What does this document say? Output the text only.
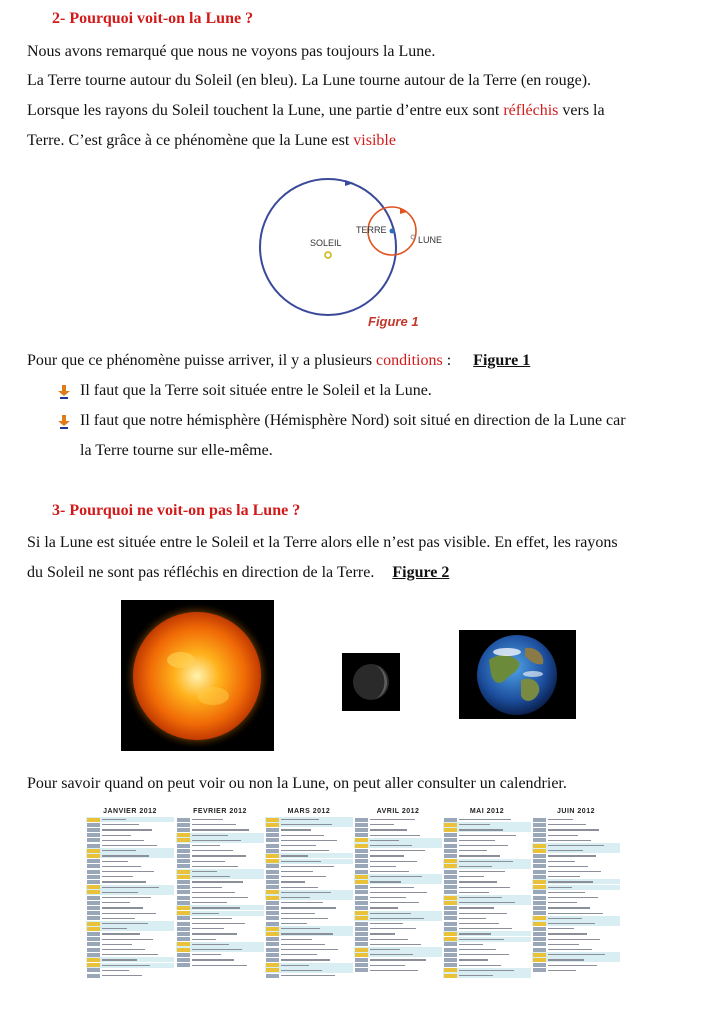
2- Pourquoi voit-on la Lune ?
Nous avons remarqué que nous ne voyons pas toujours la Lune.
La Terre tourne autour du Soleil (en bleu). La Lune tourne autour de la Terre (en rouge).
Lorsque les rayons du Soleil touchent la Lune, une partie d’entre eux sont réfléchis vers la
Terre. C’est grâce à ce phénomène que la Lune est visible
SOLEIL
TERRE
LUNE
Figure 1
Pour que ce phénomène puisse arriver, il y a plusieurs conditions : Figure 1
Il faut que la Terre soit située entre le Soleil et la Lune.
Il faut que notre hémisphère (Hémisphère Nord) soit situé en direction de la Lune car
la Terre tourne sur elle-même.
3- Pourquoi ne voit-on pas la Lune ?
Si la Lune est située entre le Soleil et la Terre alors elle n’est pas visible. En effet, les rayons
du Soleil ne sont pas réfléchis en direction de la Terre. Figure 2
Pour savoir quand on peut voir ou non la Lune, on peut aller consulter un calendrier.
JANVIER 2012	FEVRIER 2012	MARS 2012	AVRIL 2012	MAI 2012	JUIN 2012
